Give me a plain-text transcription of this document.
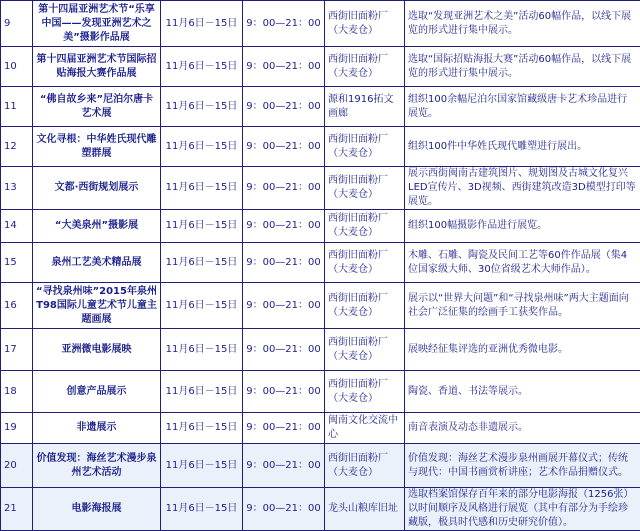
9	第十四届亚洲艺术节“乐享中国——发现亚洲艺术之美”摄影作品展	11月6日－15日	9：00—21：00	西街旧面粉厂（大麦仓）	选取“发现亚洲艺术之美”活动60幅作品，以线下展览的形式进行集中展示。
10	第十四届亚洲艺术节国际招贴海报大赛作品展	11月6日－15日	9：00—21：00	西街旧面粉厂（大麦仓）	选取“国际招贴海报大赛”活动60幅作品，以线下展览的形式进行集中展示。
11	“佛自故乡来”尼泊尔唐卡艺术展	11月6日－15日	9：00—21：00	源和1916拓文画廊	组织100余幅尼泊尔国家馆藏级唐卡艺术珍品进行展览。
12	文化寻根：中华姓氏现代雕塑群展	11月6日－15日	9：00—21：00	西街旧面粉厂（大麦仓）	组织100件中华姓氏现代雕塑进行展出。
13	文都·西街规划展示	11月6日－15日	9：00—21：00	西街旧面粉厂（大麦仓）	展示西街闽南古建筑图片、规划图及古城文化复兴LED宣传片、3D视频、西街建筑改造3D模型打印等展览。
14	“大美泉州”摄影展	11月6日－15日	9：00—21：00	西街旧面粉厂（大麦仓）	组织100幅摄影作品进行展览。
15	泉州工艺美术精品展	11月6日－15日	9：00—21：00	西街旧面粉厂（大麦仓）	木雕、石雕、陶瓷及民间工艺等60件作品展（集4位国家级大师、30位省级艺术大师作品）。
16	“寻找泉州味”2015年泉州T98国际儿童艺术节儿童主题画展	11月6日－15日	9：00—21：00	西街旧面粉厂（大麦仓）	展示以“世界大问题”和“寻找泉州味”两大主题面向社会广泛征集的绘画手工获奖作品。
17	亚洲微电影展映	11月6日－15日	9：00—21：00	西街旧面粉厂（大麦仓）	展映经征集评选的亚洲优秀微电影。
18	创意产品展示	11月6日－15日	9：00—21：00	西街旧面粉厂（大麦仓）	陶瓷、香道、书法等展示。
19	非遗展示	11月6日－15日	9：00—21：00	闽南文化交流中心	南音表演及动态非遗展示。
20	价值发现：海丝艺术漫步泉州艺术活动	11月6日－15日	9：00—21：00	西街旧面粉厂（大麦仓）	价值发现：海丝艺术漫步泉州画展开幕仪式；传统与现代：中国书画赏析讲座；艺术作品捐赠仪式。
21	电影海报展	11月6日－15日	9：00—21：00	龙头山粮库旧址	选取档案馆保存百年来的部分电影海报（1256张）以时间顺序及风格进行展览（其中有部分为手绘珍藏版，极具时代感和历史研究价值）。
